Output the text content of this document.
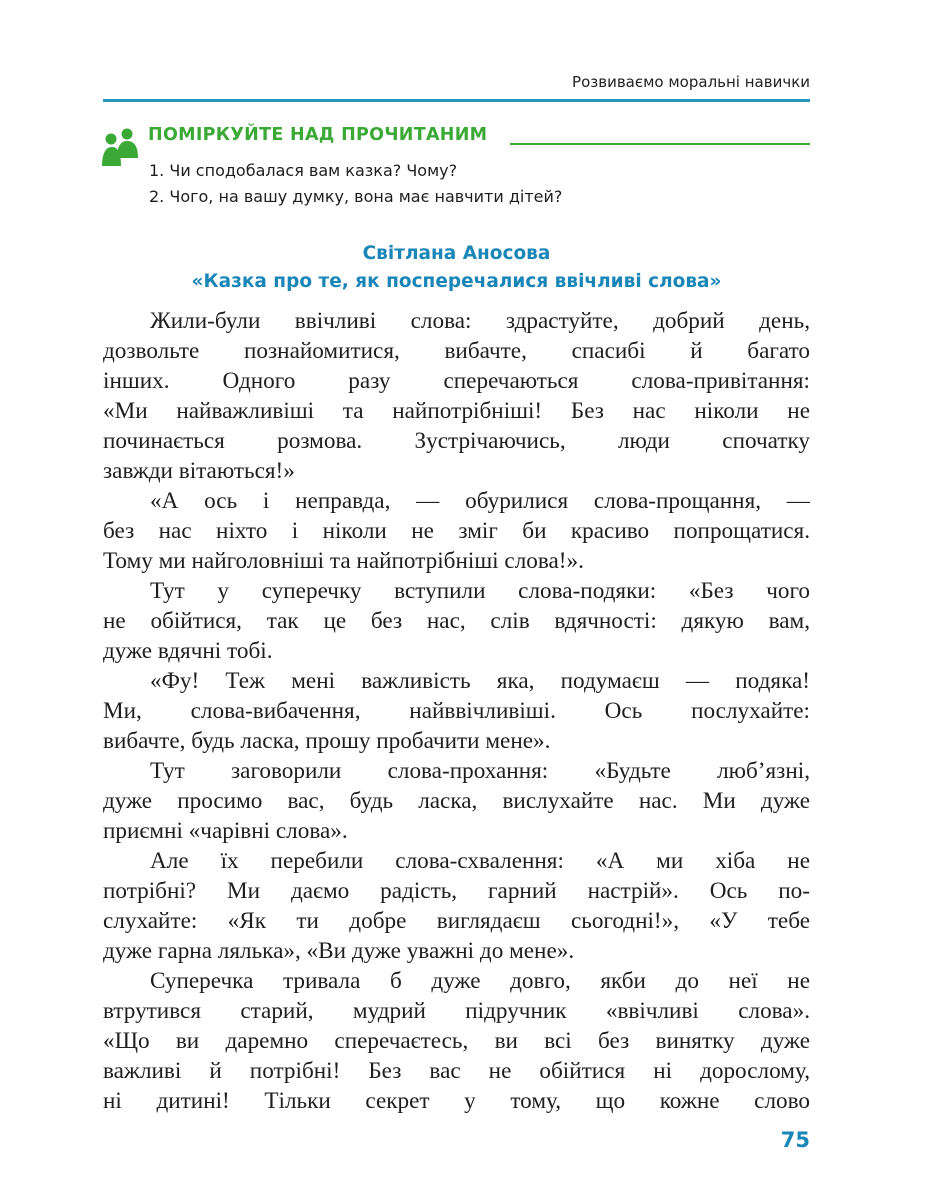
Розвиваємо моральні навички
ПОМІРКУЙТЕ НАД ПРОЧИТАНИМ
1. Чи сподобалася вам казка? Чому?
2. Чого, на вашу думку, вона має навчити дітей?
Світлана Аносова
«Казка про те, як посперечалися ввічливі слова»
Жили-були ввічливі слова: здрастуйте, добрий день,
дозвольте познайомитися, вибачте, спасибі й багато
інших. Одного разу сперечаються слова-привітання:
«Ми найважливіші та найпотрібніші! Без нас ніколи не
починається розмова. Зустрічаючись, люди спочатку
завжди вітаються!»
«А ось і неправда, — обурилися слова-прощання, —
без нас ніхто і ніколи не зміг би красиво попрощатися.
Тому ми найголовніші та найпотрібніші слова!».
Тут у суперечку вступили слова-подяки: «Без чого
не обійтися, так це без нас, слів вдячності: дякую вам,
дуже вдячні тобі.
«Фу! Теж мені важливість яка, подумаєш — подяка!
Ми, слова-вибачення, найввічливіші. Ось послухайте:
вибачте, будь ласка, прошу пробачити мене».
Тут заговорили слова-прохання: «Будьте люб’язні,
дуже просимо вас, будь ласка, вислухайте нас. Ми дуже
приємні «чарівні слова».
Але їх перебили слова-схвалення: «А ми хіба не
потрібні? Ми даємо радість, гарний настрій». Ось по-
слухайте: «Як ти добре виглядаєш сьогодні!», «У тебе
дуже гарна лялька», «Ви дуже уважні до мене».
Суперечка тривала б дуже довго, якби до неї не
втрутився старий, мудрий підручник «ввічливі слова».
«Що ви даремно сперечаєтесь, ви всі без винятку дуже
важливі й потрібні! Без вас не обійтися ні дорослому,
ні дитині! Тільки секрет у тому, що кожне слово
75
